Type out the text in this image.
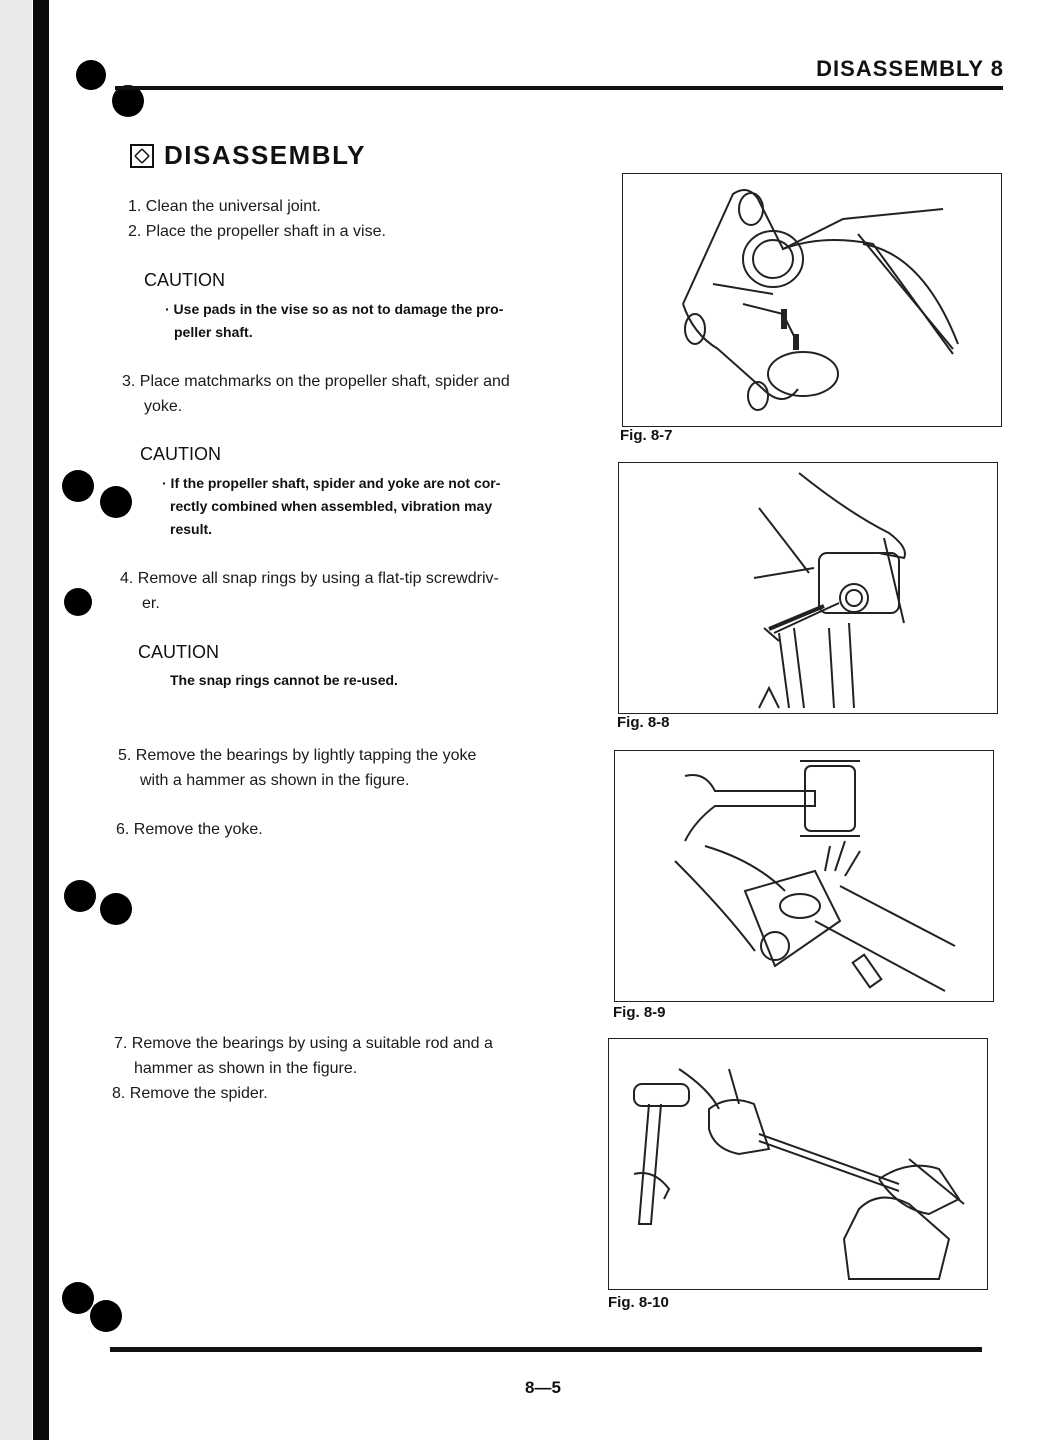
DISASSEMBLY 8
DISASSEMBLY
1. Clean the universal joint.
2. Place the propeller shaft in a vise.
CAUTION
· Use pads in the vise so as not to damage the pro-
peller shaft.
3. Place matchmarks on the propeller shaft, spider and
yoke.
CAUTION
· If the propeller shaft, spider and yoke are not cor-
rectly combined when assembled, vibration may
result.
4. Remove all snap rings by using a flat-tip screwdriv-
er.
CAUTION
The snap rings cannot be re-used.
5. Remove the bearings by lightly tapping the yoke
with a hammer as shown in the figure.
6. Remove the yoke.
7. Remove the bearings by using a suitable rod and a
hammer as shown in the figure.
8. Remove the spider.
Fig. 8-7
Fig. 8-8
Fig. 8-9
Fig. 8-10
8—5
